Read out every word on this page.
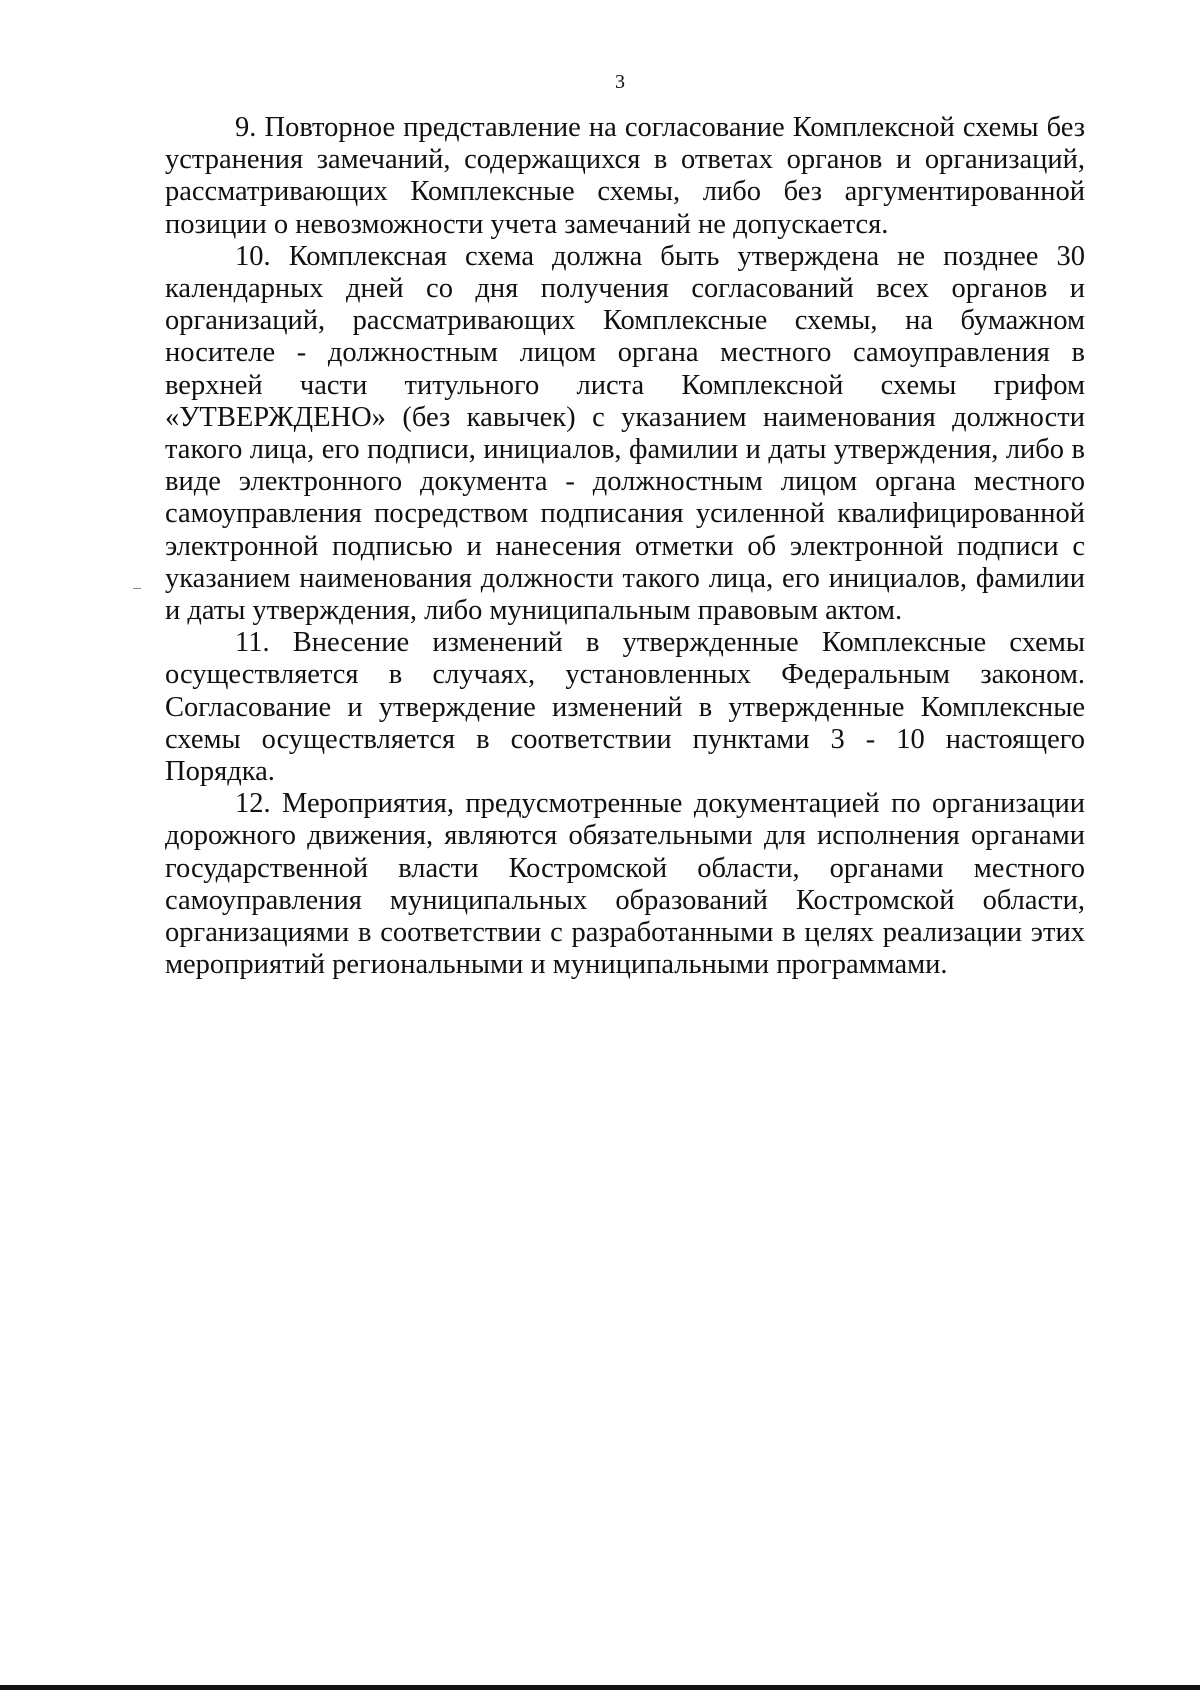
3

9. Повторное представление на согласование Комплексной схемы без устранения замечаний, содержащихся в ответах органов и организаций, рассматривающих Комплексные схемы, либо без аргументированной позиции о невозможности учета замечаний не допускается.

10. Комплексная схема должна быть утверждена не позднее 30 календарных дней со дня получения согласований всех органов и организаций, рассматривающих Комплексные схемы, на бумажном носителе - должностным лицом органа местного самоуправления в верхней части титульного листа Комплексной схемы грифом «УТВЕРЖДЕНО» (без кавычек) с указанием наименования должности такого лица, его подписи, инициалов, фамилии и даты утверждения, либо в виде электронного документа - должностным лицом органа местного самоуправления посредством подписания усиленной квалифицированной электронной подписью и нанесения отметки об электронной подписи с указанием наименования должности такого лица, его инициалов, фамилии и даты утверждения, либо муниципальным правовым актом.

11. Внесение изменений в утвержденные Комплексные схемы осуществляется в случаях, установленных Федеральным законом. Согласование и утверждение изменений в утвержденные Комплексные схемы осуществляется в соответствии пунктами 3 - 10 настоящего Порядка.

12. Мероприятия, предусмотренные документацией по организации дорожного движения, являются обязательными для исполнения органами государственной власти Костромской области, органами местного самоуправления муниципальных образований Костромской области, организациями в соответствии с разработанными в целях реализации этих мероприятий региональными и муниципальными программами.
